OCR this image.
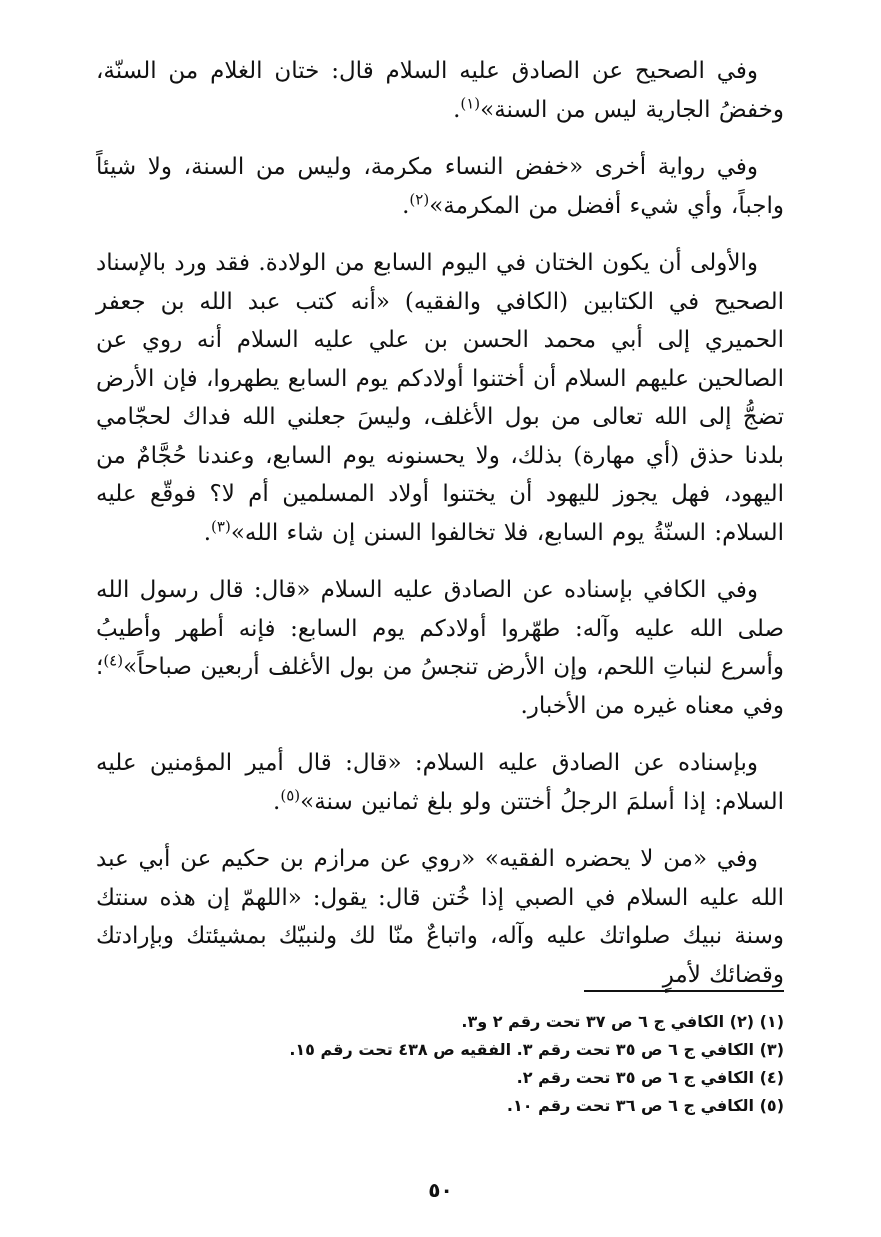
وفي الصحيح عن الصادق عليه السلام قال: ختان الغلام من السنّة، وخفضُ الجارية ليس من السنة»$^{(١)}$.

وفي رواية أخرى «خفض النساء مكرمة، وليس من السنة، ولا شيئاً واجباً، وأي شيء أفضل من المكرمة»$^{(٢)}$.

والأولى أن يكون الختان في اليوم السابع من الولادة. فقد ورد بالإسناد الصحيح في الكتابين (الكافي والفقيه) «أنه كتب عبد الله بن جعفر الحميري إلى أبي محمد الحسن بن علي عليه السلام أنه روي عن الصالحين عليهم السلام أن أختنوا أولادكم يوم السابع يطهروا، فإن الأرض تضجُّ إلى الله تعالى من بول الأغلف، وليسَ جعلني الله فداك لحجّامي بلدنا حذق (أي مهارة) بذلك، ولا يحسنونه يوم السابع، وعندنا حُجَّامٌ من اليهود، فهل يجوز لليهود أن يختنوا أولاد المسلمين أم لا؟ فوقّع عليه السلام: السنّةُ يوم السابع، فلا تخالفوا السنن إن شاء الله»$^{(٣)}$.

وفي الكافي بإسناده عن الصادق عليه السلام «قال: قال رسول الله صلى الله عليه وآله: طهّروا أولادكم يوم السابع: فإنه أطهر وأطيبُ وأسرع لنباتِ اللحم، وإن الأرض تنجسُ من بول الأغلف أربعين صباحاً»$^{(٤)}$؛ وفي معناه غيره من الأخبار.

وبإسناده عن الصادق عليه السلام: «قال: قال أمير المؤمنين عليه السلام: إذا أسلمَ الرجلُ أختتن ولو بلغ ثمانين سنة»$^{(٥)}$.

وفي «من لا يحضره الفقيه» «روي عن مرازم بن حكيم عن أبي عبد الله عليه السلام في الصبي إذا خُتن قال: يقول: «اللهمّ إن هذه سنتك وسنة نبيك صلواتك عليه وآله، واتباعٌ منّا لك ولنبيّك بمشيئتك وبإرادتك وقضائك لأمرٍ

(١) (٢) الكافي ج ٦ ص ٣٧ تحت رقم ٢ و٣.

(٣) الكافي ج ٦ ص ٣٥ تحت رقم ٣. الفقيه ص ٤٣٨ تحت رقم ١٥.

(٤) الكافي ج ٦ ص ٣٥ تحت رقم ٢.

(٥) الكافي ج ٦ ص ٣٦ تحت رقم ١٠.

٥٠
